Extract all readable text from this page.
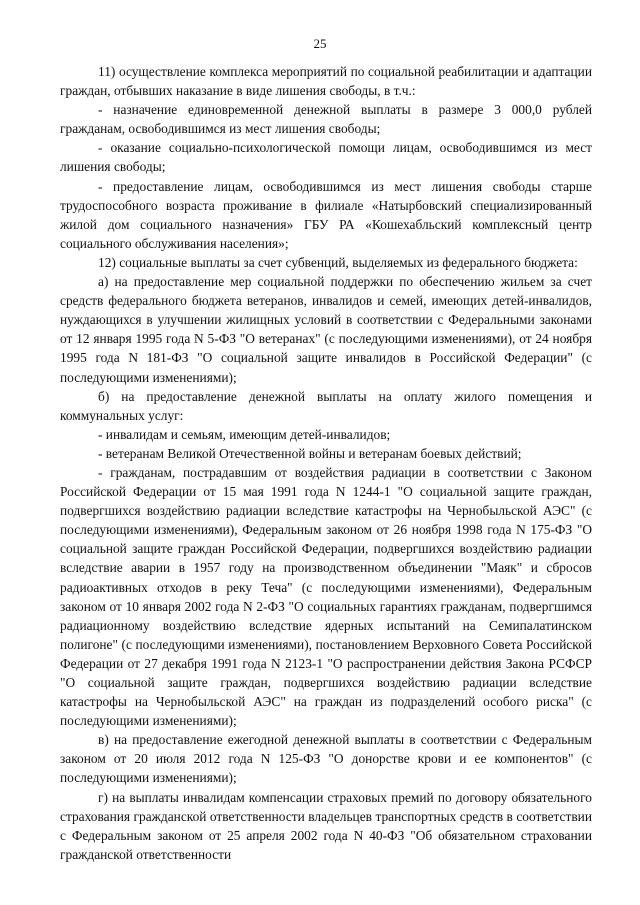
25

11) осуществление комплекса мероприятий по социальной реабилитации и адаптации граждан, отбывших наказание в виде лишения свободы, в т.ч.:

- назначение единовременной денежной выплаты в размере 3 000,0 рублей гражданам, освободившимся из мест лишения свободы;

- оказание социально-психологической помощи лицам, освободившимся из мест лишения свободы;

- предоставление лицам, освободившимся из мест лишения свободы старше трудоспособного возраста проживание в филиале «Натырбовский специализированный жилой дом социального назначения» ГБУ РА «Кошехабльский комплексный центр социального обслуживания населения»;

12) социальные выплаты за счет субвенций, выделяемых из федерального бюджета:

а) на предоставление мер социальной поддержки по обеспечению жильем за счет средств федерального бюджета ветеранов, инвалидов и семей, имеющих детей-инвалидов, нуждающихся в улучшении жилищных условий в соответствии с Федеральными законами от 12 января 1995 года N 5-ФЗ "О ветеранах" (с последующими изменениями), от 24 ноября 1995 года N 181-ФЗ "О социальной защите инвалидов в Российской Федерации" (с последующими изменениями);

б) на предоставление денежной выплаты на оплату жилого помещения и коммунальных услуг:

- инвалидам и семьям, имеющим детей-инвалидов;

- ветеранам Великой Отечественной войны и ветеранам боевых действий;

- гражданам, пострадавшим от воздействия радиации в соответствии с Законом Российской Федерации от 15 мая 1991 года N 1244-1 "О социальной защите граждан, подвергшихся воздействию радиации вследствие катастрофы на Чернобыльской АЭС" (с последующими изменениями), Федеральным законом от 26 ноября 1998 года N 175-ФЗ "О социальной защите граждан Российской Федерации, подвергшихся воздействию радиации вследствие аварии в 1957 году на производственном объединении "Маяк" и сбросов радиоактивных отходов в реку Теча" (с последующими изменениями), Федеральным законом от 10 января 2002 года N 2-ФЗ "О социальных гарантиях гражданам, подвергшимся радиационному воздействию вследствие ядерных испытаний на Семипалатинском полигоне" (с последующими изменениями), постановлением Верховного Совета Российской Федерации от 27 декабря 1991 года N 2123-1 "О распространении действия Закона РСФСР "О социальной защите граждан, подвергшихся воздействию радиации вследствие катастрофы на Чернобыльской АЭС" на граждан из подразделений особого риска" (с последующими изменениями);

в) на предоставление ежегодной денежной выплаты в соответствии с Федеральным законом от 20 июля 2012 года N 125-ФЗ "О донорстве крови и ее компонентов" (с последующими изменениями);

г) на выплаты инвалидам компенсации страховых премий по договору обязательного страхования гражданской ответственности владельцев транспортных средств в соответствии с Федеральным законом от 25 апреля 2002 года N 40-ФЗ "Об обязательном страховании гражданской ответственности
